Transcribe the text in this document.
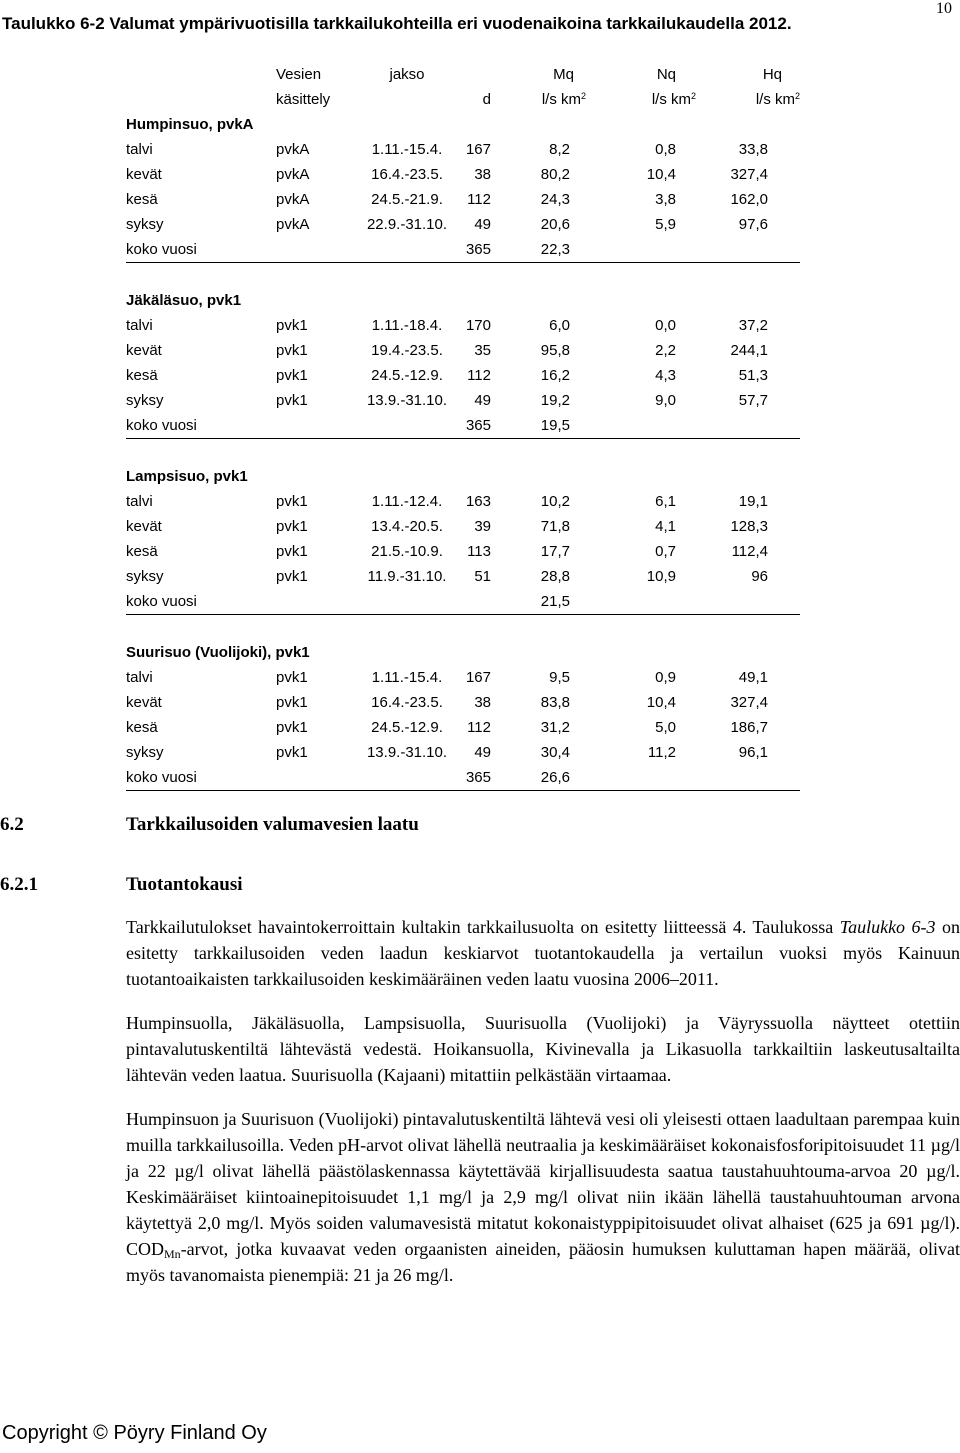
10
Taulukko 6-2 Valumat ympärivuotisilla tarkkailukohteilla eri vuodenaikoina tarkkailukaudella 2012.
	Vesien	jakso		Mq	Nq	Hq
	käsittely		d	l/s $km^2$	l/s $km^2$	l/s $km^2$
Humpinsuo, pvkA						
talvi	pvkA	1.11.-15.4.	167	8,2	0,8	33,8
kevät	pvkA	16.4.-23.5.	38	80,2	10,4	327,4
kesä	pvkA	24.5.-21.9.	112	24,3	3,8	162,0
syksy	pvkA	22.9.-31.10.	49	20,6	5,9	97,6
koko vuosi			365	22,3		

Jäkäläsuo, pvk1						
talvi	pvk1	1.11.-18.4.	170	6,0	0,0	37,2
kevät	pvk1	19.4.-23.5.	35	95,8	2,2	244,1
kesä	pvk1	24.5.-12.9.	112	16,2	4,3	51,3
syksy	pvk1	13.9.-31.10.	49	19,2	9,0	57,7
koko vuosi			365	19,5		

Lampsisuo, pvk1						
talvi	pvk1	1.11.-12.4.	163	10,2	6,1	19,1
kevät	pvk1	13.4.-20.5.	39	71,8	4,1	128,3
kesä	pvk1	21.5.-10.9.	113	17,7	0,7	112,4
syksy	pvk1	11.9.-31.10.	51	28,8	10,9	96
koko vuosi				21,5		

Suurisuo (Vuolijoki), pvk1						
talvi	pvk1	1.11.-15.4.	167	9,5	0,9	49,1
kevät	pvk1	16.4.-23.5.	38	83,8	10,4	327,4
kesä	pvk1	24.5.-12.9.	112	31,2	5,0	186,7
syksy	pvk1	13.9.-31.10.	49	30,4	11,2	96,1
koko vuosi			365	26,6		
6.2	Tarkkailusoiden valumavesien laatu
6.2.1	Tuotantokausi

Tarkkailutulokset havaintokerroittain kultakin tarkkailusuolta on esitetty liitteessä 4. Taulukossa Taulukko 6-3 on esitetty tarkkailusoiden veden laadun keskiarvot tuotantokaudella ja vertailun vuoksi myös Kainuun tuotantoaikaisten tarkkailusoiden keskimääräinen veden laatu vuosina 2006–2011.

Humpinsuolla, Jäkäläsuolla, Lampsisuolla, Suurisuolla (Vuolijoki) ja Väyryssuolla näytteet otettiin pintavalutuskentiltä lähtevästä vedestä. Hoikansuolla, Kivinevalla ja Likasuolla tarkkailtiin laskeutusaltailta lähtevän veden laatua. Suurisuolla (Kajaani) mitattiin pelkästään virtaamaa.

Humpinsuon ja Suurisuon (Vuolijoki) pintavalutuskentiltä lähtevä vesi oli yleisesti ottaen laadultaan parempaa kuin muilla tarkkailusoilla. Veden pH-arvot olivat lähellä neutraalia ja keskimääräiset kokonaisfosforipitoisuudet 11 µg/l ja 22 µg/l olivat lähellä päästölaskennassa käytettävää kirjallisuudesta saatua taustahuuhtouma-arvoa 20 µg/l. Keskimääräiset kiintoainepitoisuudet 1,1 mg/l ja 2,9 mg/l olivat niin ikään lähellä taustahuuhtouman arvona käytettyä 2,0 mg/l. Myös soiden valumavesistä mitatut kokonaistyppipitoisuudet olivat alhaiset (625 ja 691 µg/l). $COD_{Mn}$-arvot, jotka kuvaavat veden orgaanisten aineiden, pääosin humuksen kuluttaman hapen määrää, olivat myös tavanomaista pienempiä: 21 ja 26 mg/l.

Copyright © Pöyry Finland Oy
